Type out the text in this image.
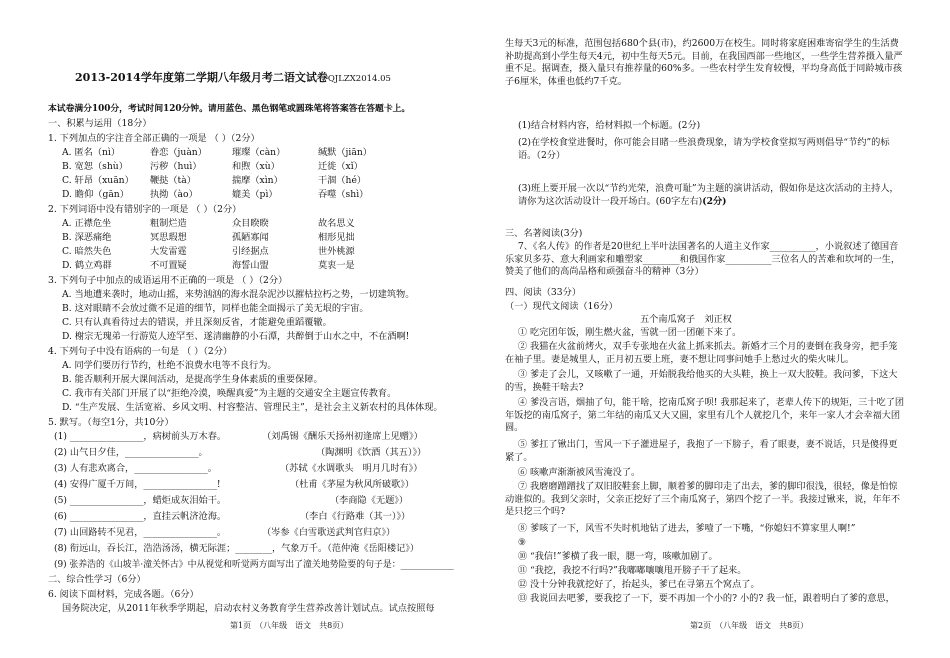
2013-2014学年度第二学期八年级月考二语文试卷QJLZX2014.05
本试卷满分100分，考试时间120分钟。请用蓝色、黑色钢笔或圆珠笔将答案答在答题卡上。
一、积累与运用（18分）
1. 下列加点的字注音全部正确的一项是 （ ）（2分）
A. 匿名（nì）	眷恋（juàn）	璀璨（càn）	缄默（jiān）
B. 宽恕（shù） 污秽（huì）	和煦（xù）	迁徙（xǐ）
C. 轩昂（xuān） 鞭挞（tà）	揣摩（xìn）	干涸（hé）
D. 瞻仰（gān） 执拗（ào）	媲美（pì）	吞噬（shì）
2. 下列词语中没有错别字的一项是 （ ）（2分）
A. 正襟危坐	粗制烂造	众目睽睽	故名思义
B. 深恶痛绝	冥思瑕想	孤陋寡闻	相形见拙
C. 暗然失色	大发雷霆	引经据点	世外桃源
D. 鹤立鸡群	不可置疑	海誓山盟	莫衷一是
3. 下列句子中加点的成语运用不正确的一项是 （ ）（2分）
A. 当地遭来袭时，地动山摇，来势汹汹的海水混杂泥沙以摧枯拉朽之势，一切建筑物。
B. 这对眼睛不会放过微不足道的细节，同样也能全面揭示了美无垠的宇宙。
C. 只有认真看待过去的错误，并且深刻反省，才能避免重蹈覆辙。
D. 榭宗无瑰弟一行游览人迹罕至、遂清幽静的小石潭，共醉倒于山水之中，不在酒啊!
4. 下列句子中没有语病的一句是 （ ）（2分）
A. 同学们要历行节约，杜绝不浪费水电等不良行为。
B. 能否顺利开展大课间活动，是提高学生身体素质的重要保障。
C. 我市有关部门开展了以“拒绝冷漠，唤醒真爱”为主题的交通安全主题宣传教育。
D. “生产发展、生活宽裕、乡风文明、村容整洁、管理民主”，是社会主义新农村的具体体现。
5. 默写。（每空1分，共10分）
(1) ________________，病树前头万木春。	（刘禹锡《酬乐天扬州初逢席上见赠》）
(2) 山气日夕佳，________________。	（陶渊明《饮酒（其五）》）
(3) 人有悲欢离合，________________。	（苏轼《水调歌头　明月几时有》）
(4) 安得广厦千万间，________________!	（杜甫《茅屋为秋风所破歌》）
(5) ________________，蜡炬成灰泪始干。	（李商隐《无题》）
(6) ________________，直挂云帆济沧海。	（李白《行路难（其一）》）
(7) 山回路转不见君，________________。	（岑参《白雪歌送武判官归京》）
(8) 衔远山，吞长江，浩浩汤汤，横无际涯；________，气象万千。（范仲淹《岳阳楼记》）
(9) 张养浩的《山坡羊·潼关怀古》中从视觉和听觉两方面写出了潼关地势险要的句子是：____________
二、综合性学习（6分）
6. 阅读下面材料，完成各题。（6分）
国务院决定，从2011年秋季学期起，启动农村义务教育学生营养改善计划试点。试点按照每
第1页　（八年级　语文　共8页）
生每天3元的标准，范围包括680个县(市)，约2600万在校生。同时将家庭困难寄宿学生的生活费补助提高到小学生每天4元，初中生每天5元。目前，在我国西部一些地区，一些学生营养摄入量严重不足。据调查，摄入量只有推荐量的60%多。一些农村学生发育较慢，平均身高低于同龄城市孩子6厘米，体重也低约7千克。
(1)结合材料内容，给材料拟一个标题。(2分)
(2)在学校食堂进餐时，你可能会目睹一些浪费现象，请为学校食堂拟写两则倡导“节约”的标语。（2分）
(3)班上要开展一次以“节约光荣，浪费可耻”为主题的演讲活动，假如你是这次活动的主持人，请你为这次活动设计一段开场白。(60字左右)(2分)
三、名著阅读(3分)
7、《名人传》的作者是20世纪上半叶法国著名的人道主义作家__________，小说叙述了德国音乐家贝多芬、意大利画家和雕塑家________和俄国作家__________三位名人的苦难和坎坷的一生，赞美了他们的高尚品格和顽强奋斗的精神（3分）
四、阅读（33分）
（一）现代文阅读（16分）
五个南瓜窝子　刘正权
① 吃完团年饭，刚生燃火盆，雪就一团一团砸下来了。
② 我猫在火盆前烤火，双手专张地在火盆上抓来抓去。新婚才三个月的妻倒在我身旁，把手笼在袖子里。妻是城里人，正月初五要上班，妻不想让同事问她手上愁过火的柴火味儿。
③ 爹走了会儿，又咳嗽了一通，开始脱我给他买的大头鞋，换上一双大胶鞋。我问爹，下这大的雪，换鞋干啥去?
④ 爹没言语，烟抽了句，能干啥，挖南瓜窝子呗! 我那起来了，老辈人传下的规矩，三十吃了团年饭挖的南瓜窝子，第二年结的南瓜又大又圆，家里有几个人就挖几个，来年一家人才会幸福大团圆。
⑤ 爹扛了锹出门，雪风一下子灌进屋子，我抱了一下膀子，看了眼妻，妻不说话，只是傻得更紧了。
⑥ 咳嗽声渐渐被风雪淹没了。
⑦ 我磨磨蹭蹭找了双旧胶鞋套上脚，顺着爹的脚印走了出去，爹的脚印很浅，很轻，像是怕惊动谁似的。我到父亲时，父亲正挖好了三个南瓜窝子，第四个挖了一半。我接过锹来，说，年年不是只挖三个吗?
⑧ 爹咳了一下，风雪不失时机地钻了进去，爹噎了一下嘴，“你媳妇不算家里人啊!”
⑨
⑩ “我信!”爹横了我一眼，腮一弯，咳嗽加剧了。
⑪ “我挖，我挖不行吗?”我嘟嘟嚷嚷甩开膀子干了起来。
⑫ 没十分钟我就挖好了，抬起头，爹已在寻第五个窝点了。
⑬ 我说回去吧爹，要我挖了一下，要不再加一个小的? 小的? 我一怔，跟着明白了爹的意思，
第2页　（八年级　语文　共8页）
